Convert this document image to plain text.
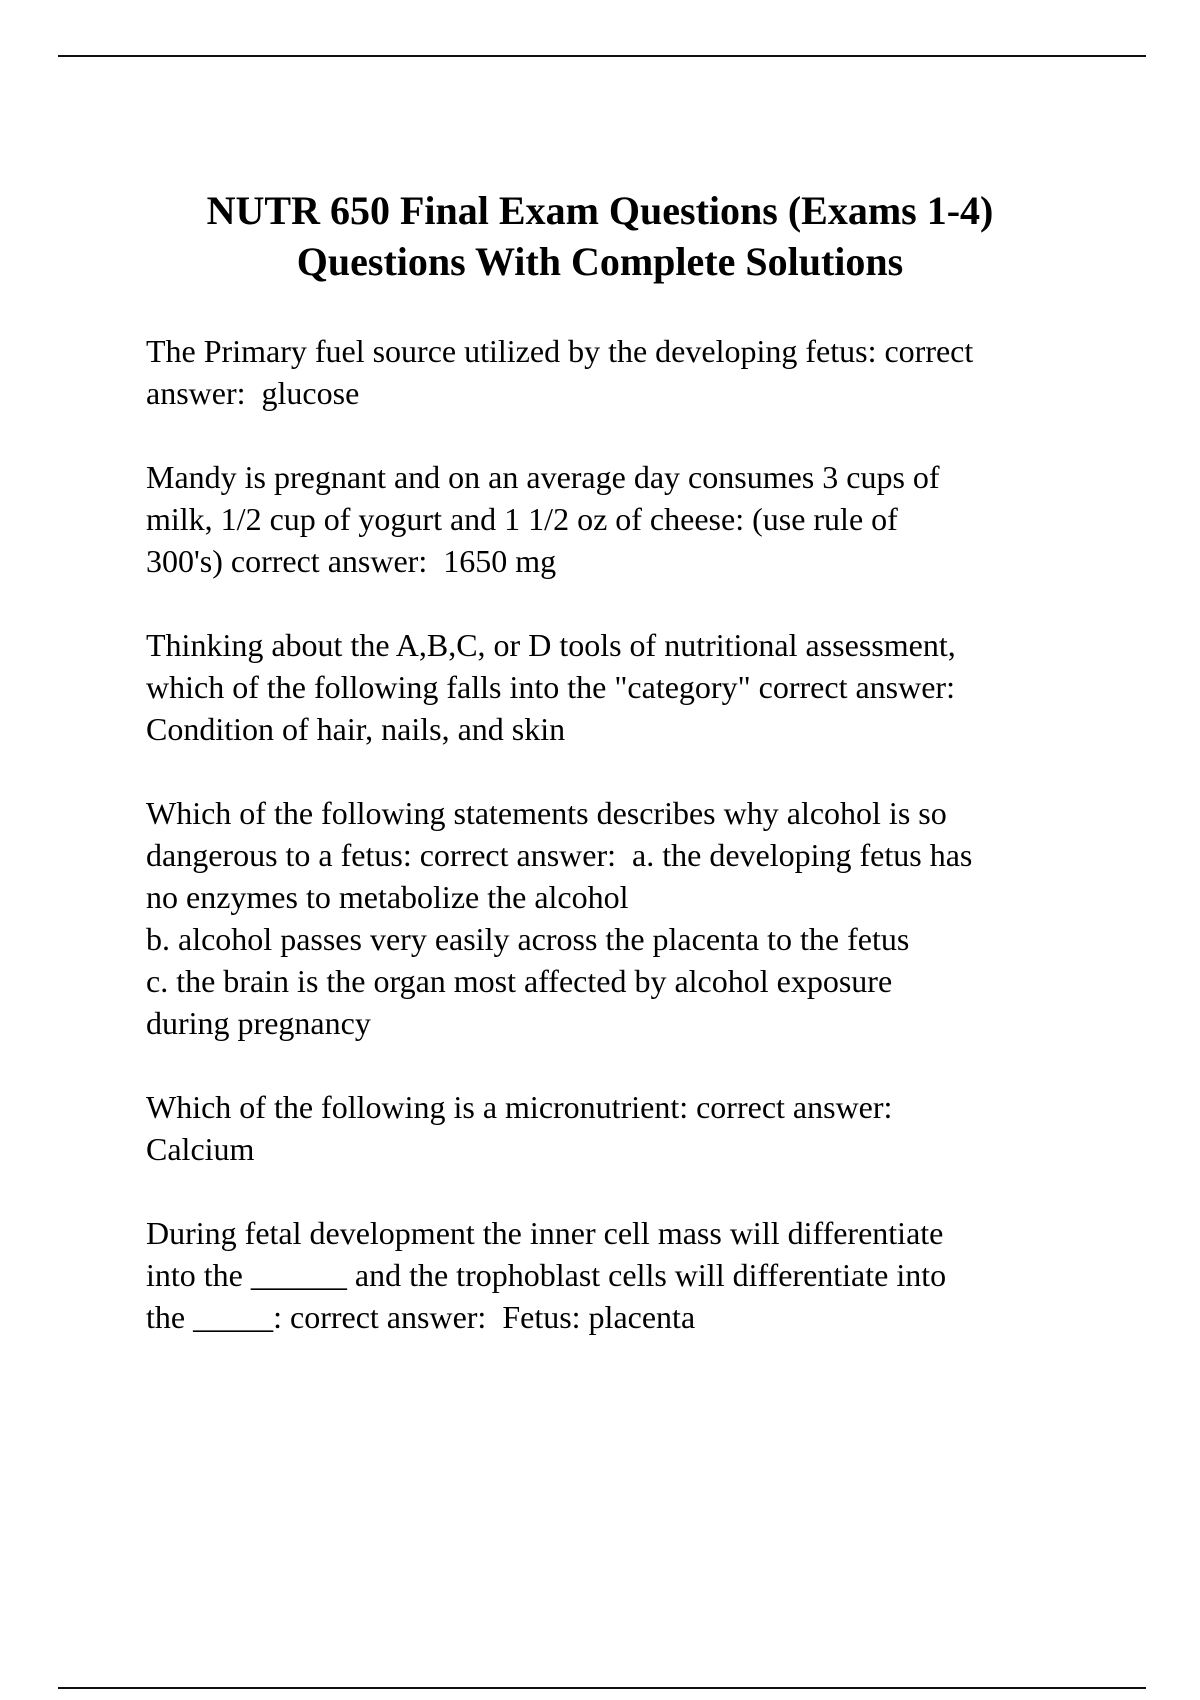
NUTR 650 Final Exam Questions (Exams 1-4)
Questions With Complete Solutions

The Primary fuel source utilized by the developing fetus: correct
answer:  glucose

Mandy is pregnant and on an average day consumes 3 cups of
milk, 1/2 cup of yogurt and 1 1/2 oz of cheese: (use rule of
300's) correct answer:  1650 mg

Thinking about the A,B,C, or D tools of nutritional assessment,
which of the following falls into the "category" correct answer:
Condition of hair, nails, and skin

Which of the following statements describes why alcohol is so
dangerous to a fetus: correct answer:  a. the developing fetus has
no enzymes to metabolize the alcohol
b. alcohol passes very easily across the placenta to the fetus
c. the brain is the organ most affected by alcohol exposure
during pregnancy

Which of the following is a micronutrient: correct answer:
Calcium

During fetal development the inner cell mass will differentiate
into the ______ and the trophoblast cells will differentiate into
the _____: correct answer:  Fetus: placenta
